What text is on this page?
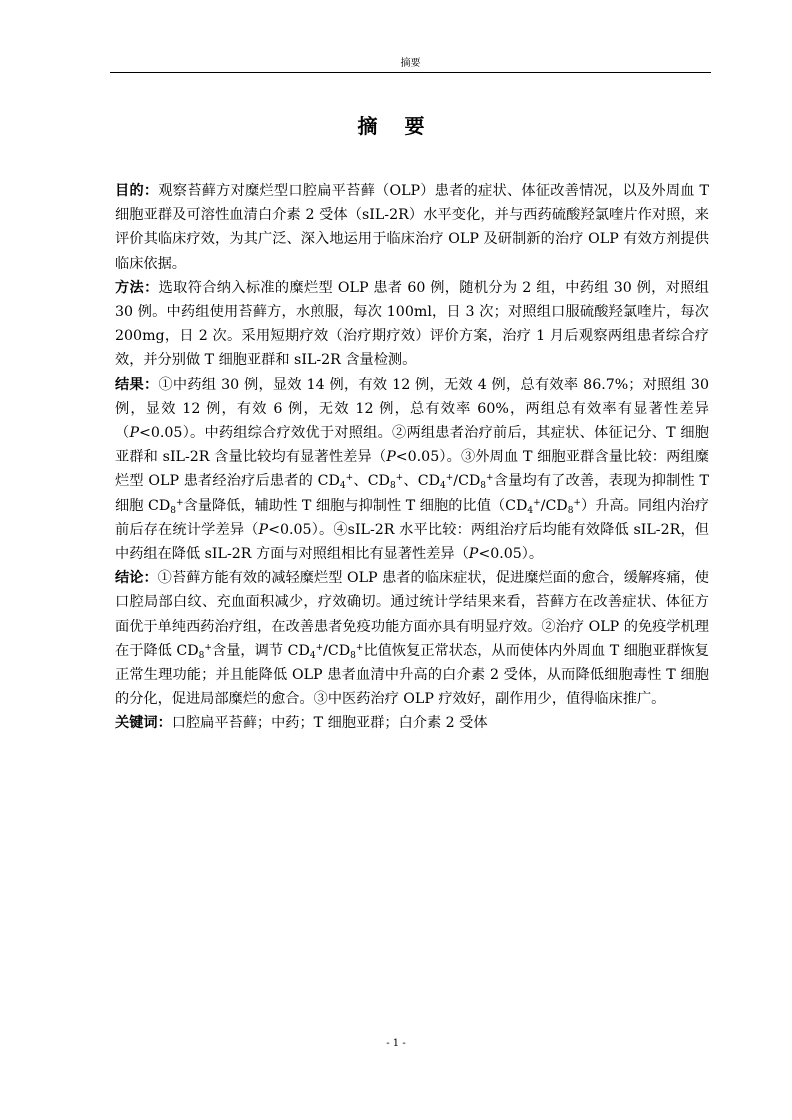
摘要
摘 要

目的：观察苔藓方对糜烂型口腔扁平苔藓（OLP）患者的症状、体征改善情况，以及外周血 T 细胞亚群及可溶性血清白介素 2 受体（sIL-2R）水平变化，并与西药硫酸羟氯喹片作对照，来评价其临床疗效，为其广泛、深入地运用于临床治疗 OLP 及研制新的治疗 OLP 有效方剂提供临床依据。

方法：选取符合纳入标准的糜烂型 OLP 患者 60 例，随机分为 2 组，中药组 30 例，对照组 30 例。中药组使用苔藓方，水煎服，每次 100ml，日 3 次；对照组口服硫酸羟氯喹片，每次 200mg，日 2 次。采用短期疗效（治疗期疗效）评价方案，治疗 1 月后观察两组患者综合疗效，并分别做 T 细胞亚群和 sIL-2R 含量检测。

结果：①中药组 30 例，显效 14 例，有效 12 例，无效 4 例，总有效率 86.7%；对照组 30 例，显效 12 例，有效 6 例，无效 12 例，总有效率 60%，两组总有效率有显著性差异（P<0.05）。中药组综合疗效优于对照组。②两组患者治疗前后，其症状、体征记分、T 细胞亚群和 sIL-2R 含量比较均有显著性差异（P<0.05）。③外周血 T 细胞亚群含量比较：两组糜烂型 OLP 患者经治疗后患者的 $CD_4^+$、$CD_8^+$、$CD_4^+/CD_8^+$含量均有了改善，表现为抑制性 T 细胞 $CD_8^+$含量降低，辅助性 T 细胞与抑制性 T 细胞的比值$(CD_4^+/CD_8^+)$升高。同组内治疗前后存在统计学差异（P<0.05）。④sIL-2R 水平比较：两组治疗后均能有效降低 sIL-2R，但中药组在降低 sIL-2R 方面与对照组相比有显著性差异（P<0.05）。

结论：①苔藓方能有效的减轻糜烂型 OLP 患者的临床症状，促进糜烂面的愈合，缓解疼痛，使口腔局部白纹、充血面积减少，疗效确切。通过统计学结果来看，苔藓方在改善症状、体征方面优于单纯西药治疗组，在改善患者免疫功能方面亦具有明显疗效。②治疗 OLP 的免疫学机理在于降低 $CD_8^+$含量，调节 $CD_4^+/CD_8^+$比值恢复正常状态，从而使体内外周血 T 细胞亚群恢复正常生理功能；并且能降低 OLP 患者血清中升高的白介素 2 受体，从而降低细胞毒性 T 细胞的分化，促进局部糜烂的愈合。③中医药治疗 OLP 疗效好，副作用少，值得临床推广。

关键词：口腔扁平苔藓；中药；T 细胞亚群；白介素 2 受体

- 1 -
